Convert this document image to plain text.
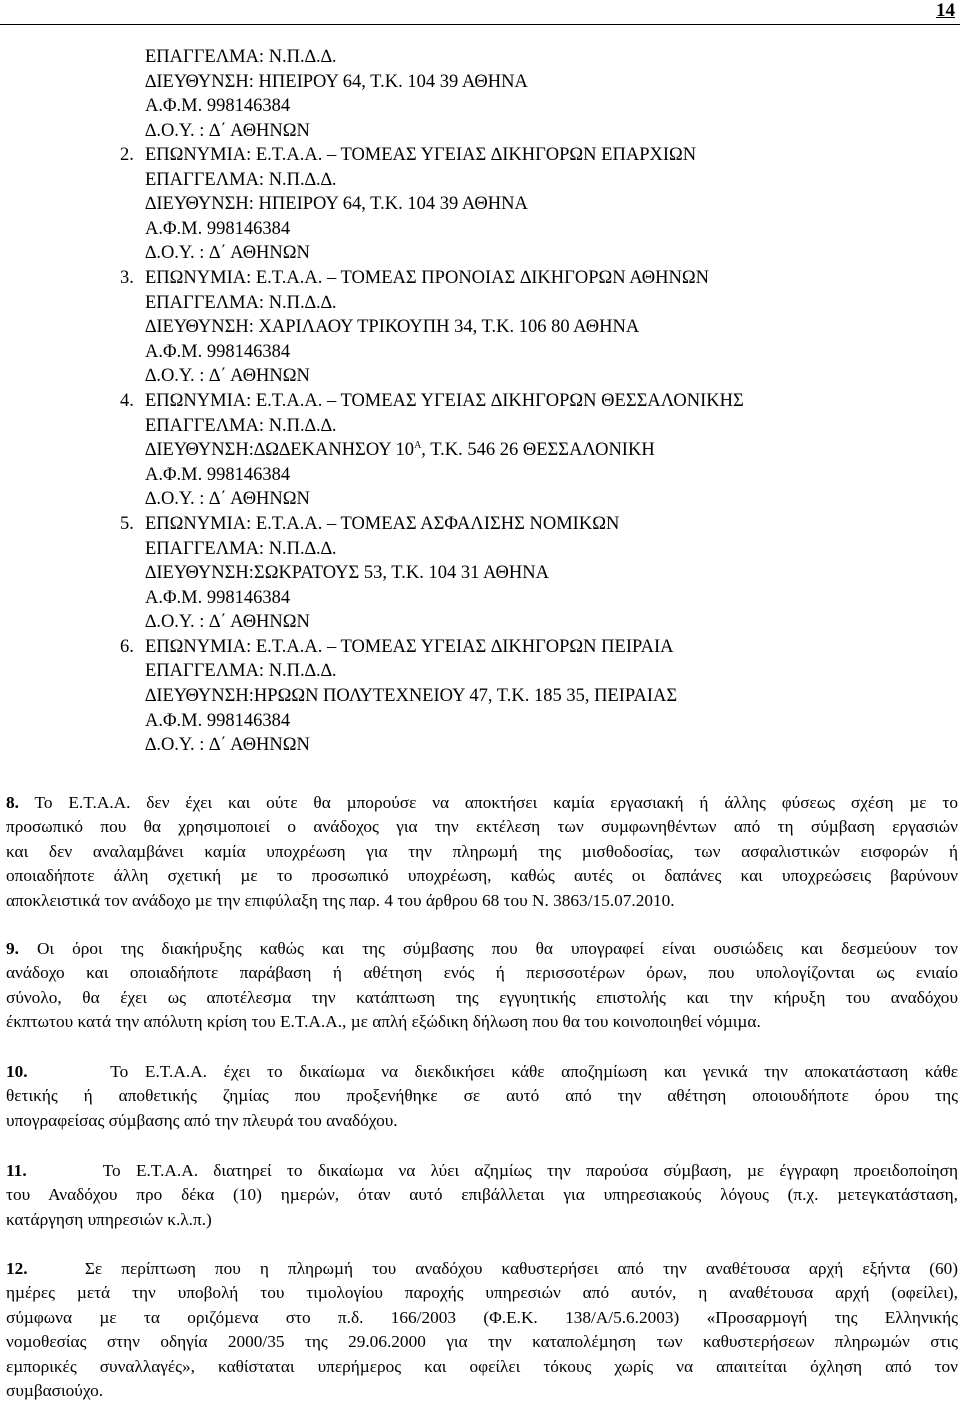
14
ΕΠΑΓΓΕΛΜΑ: Ν.Π.∆.∆.
∆ΙΕΥΘΥΝΣΗ: ΗΠΕΙΡΟΥ 64, Τ.Κ. 104 39 ΑΘΗΝΑ
Α.Φ.Μ. 998146384
∆.Ο.Υ. : ∆΄ ΑΘΗΝΩΝ
2. ΕΠΩΝΥΜΙΑ: Ε.Τ.Α.Α. – ΤΟΜΕΑΣ ΥΓΕΙΑΣ ∆ΙΚΗΓΟΡΩΝ ΕΠΑΡΧΙΩΝ
ΕΠΑΓΓΕΛΜΑ: Ν.Π.∆.∆.
∆ΙΕΥΘΥΝΣΗ: ΗΠΕΙΡΟΥ 64, Τ.Κ. 104 39 ΑΘΗΝΑ
Α.Φ.Μ. 998146384
∆.Ο.Υ. : ∆΄ ΑΘΗΝΩΝ
3. ΕΠΩΝΥΜΙΑ: Ε.Τ.Α.Α. – ΤΟΜΕΑΣ ΠΡΟΝΟΙΑΣ ∆ΙΚΗΓΟΡΩΝ ΑΘΗΝΩΝ
ΕΠΑΓΓΕΛΜΑ: Ν.Π.∆.∆.
∆ΙΕΥΘΥΝΣΗ: ΧΑΡΙΛΑΟΥ ΤΡΙΚΟΥΠΗ 34, Τ.Κ. 106 80 ΑΘΗΝΑ
Α.Φ.Μ. 998146384
∆.Ο.Υ. : ∆΄ ΑΘΗΝΩΝ
4. ΕΠΩΝΥΜΙΑ: Ε.Τ.Α.Α. – ΤΟΜΕΑΣ ΥΓΕΙΑΣ ∆ΙΚΗΓΟΡΩΝ ΘΕΣΣΑΛΟΝΙΚΗΣ
ΕΠΑΓΓΕΛΜΑ: Ν.Π.∆.∆.
∆ΙΕΥΘΥΝΣΗ:∆Ω∆ΕΚΑΝΗΣΟΥ $10^A$, Τ.Κ. 546 26 ΘΕΣΣΑΛΟΝΙΚΗ
Α.Φ.Μ. 998146384
∆.Ο.Υ. : ∆΄ ΑΘΗΝΩΝ
5. ΕΠΩΝΥΜΙΑ: Ε.Τ.Α.Α. – ΤΟΜΕΑΣ ΑΣΦΑΛΙΣΗΣ ΝΟΜΙΚΩΝ
ΕΠΑΓΓΕΛΜΑ: Ν.Π.∆.∆.
∆ΙΕΥΘΥΝΣΗ:ΣΩΚΡΑΤΟΥΣ 53, Τ.Κ. 104 31 ΑΘΗΝΑ
Α.Φ.Μ. 998146384
∆.Ο.Υ. : ∆΄ ΑΘΗΝΩΝ
6. ΕΠΩΝΥΜΙΑ: Ε.Τ.Α.Α. – ΤΟΜΕΑΣ ΥΓΕΙΑΣ ∆ΙΚΗΓΟΡΩΝ ΠΕΙΡΑΙΑ
ΕΠΑΓΓΕΛΜΑ: Ν.Π.∆.∆.
∆ΙΕΥΘΥΝΣΗ:ΗΡΩΩΝ ΠΟΛΥΤΕΧΝΕΙΟΥ 47, Τ.Κ. 185 35, ΠΕΙΡΑΙΑΣ
Α.Φ.Μ. 998146384
∆.Ο.Υ. : ∆΄ ΑΘΗΝΩΝ
8. Το Ε.Τ.Α.Α. δεν έχει και ούτε θα µπορούσε να αποκτήσει καµία εργασιακή ή άλλης φύσεως σχέση µε το
προσωπικό που θα χρησιµοποιεί ο ανάδοχος για την εκτέλεση των συµφωνηθέντων από τη σύµβαση εργασιών
και δεν αναλαµβάνει καµία υποχρέωση για την πληρωµή της µισθοδοσίας, των ασφαλιστικών εισφορών ή
οποιαδήποτε άλλη σχετική µε το προσωπικό υποχρέωση, καθώς αυτές οι δαπάνες και υποχρεώσεις βαρύνουν
αποκλειστικά τον ανάδοχο µε την επιφύλαξη της παρ. 4 του άρθρου 68 του Ν. 3863/15.07.2010.
9. Οι όροι της διακήρυξης καθώς και της σύµβασης που θα υπογραφεί είναι ουσιώδεις και δεσµεύουν τον
ανάδοχο και οποιαδήποτε παράβαση ή αθέτηση ενός ή περισσοτέρων όρων, που υπολογίζονται ως ενιαίο
σύνολο, θα έχει ως αποτέλεσµα την κατάπτωση της εγγυητικής επιστολής και την κήρυξη του αναδόχου
έκπτωτου κατά την απόλυτη κρίση του Ε.Τ.Α.Α., µε απλή εξώδικη δήλωση που θα του κοινοποιηθεί νόµιµα.
10.	Το Ε.Τ.Α.Α. έχει το δικαίωµα να διεκδικήσει κάθε αποζηµίωση και γενικά την αποκατάσταση κάθε
θετικής ή αποθετικής ζηµίας που προξενήθηκε σε αυτό από την αθέτηση οποιουδήποτε όρου της
υπογραφείσας σύµβασης από την πλευρά του αναδόχου.
11.	Το Ε.Τ.Α.Α. διατηρεί το δικαίωµα να λύει αζηµίως την παρούσα σύµβαση, µε έγγραφη προειδοποίηση
του Αναδόχου προ δέκα (10) ηµερών, όταν αυτό επιβάλλεται για υπηρεσιακούς λόγους (π.χ. µετεγκατάσταση,
κατάργηση υπηρεσιών κ.λ.π.)
12.	Σε περίπτωση που η πληρωµή του αναδόχου καθυστερήσει από την αναθέτουσα αρχή εξήντα (60)
ηµέρες µετά την υποβολή του τιµολογίου παροχής υπηρεσιών από αυτόν, η αναθέτουσα αρχή (οφείλει),
σύµφωνα µε τα οριζόµενα στο π.δ. 166/2003 (Φ.Ε.Κ. 138/Α/5.6.2003) «Προσαρµογή της Ελληνικής
νοµοθεσίας στην οδηγία 2000/35 της 29.06.2000 για την καταπολέµηση των καθυστερήσεων πληρωµών στις
εµπορικές συναλλαγές», καθίσταται υπερήµερος και οφείλει τόκους χωρίς να απαιτείται όχληση από τον
συµβασιούχο.
